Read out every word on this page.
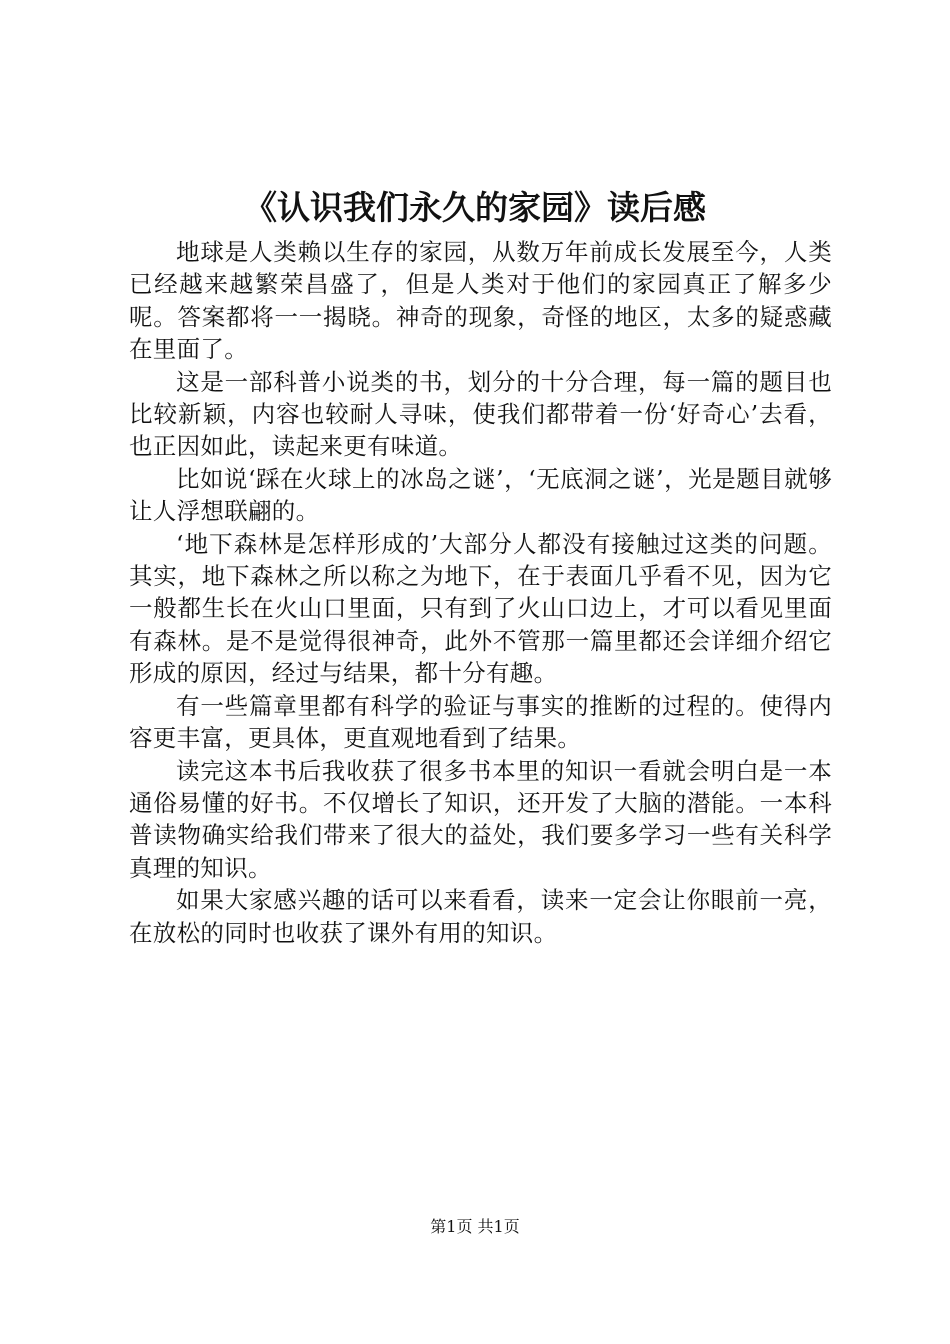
《认识我们永久的家园》读后感

地球是人类赖以生存的家园，从数万年前成长发展至今，人类已经越来越繁荣昌盛了，但是人类对于他们的家园真正了解多少呢。答案都将一一揭晓。神奇的现象，奇怪的地区，太多的疑惑藏在里面了。

这是一部科普小说类的书，划分的十分合理，每一篇的题目也比较新颖，内容也较耐人寻味，使我们都带着一份‘好奇心’去看，也正因如此，读起来更有味道。

比如说‘踩在火球上的冰岛之谜’，‘无底洞之谜’，光是题目就够让人浮想联翩的。

‘地下森林是怎样形成的’大部分人都没有接触过这类的问题。其实，地下森林之所以称之为地下，在于表面几乎看不见，因为它一般都生长在火山口里面，只有到了火山口边上，才可以看见里面有森林。是不是觉得很神奇，此外不管那一篇里都还会详细介绍它形成的原因，经过与结果，都十分有趣。

有一些篇章里都有科学的验证与事实的推断的过程的。使得内容更丰富，更具体，更直观地看到了结果。

读完这本书后我收获了很多书本里的知识一看就会明白是一本通俗易懂的好书。不仅增长了知识，还开发了大脑的潜能。一本科普读物确实给我们带来了很大的益处，我们要多学习一些有关科学真理的知识。

如果大家感兴趣的话可以来看看，读来一定会让你眼前一亮，在放松的同时也收获了课外有用的知识。

第1页 共1页
